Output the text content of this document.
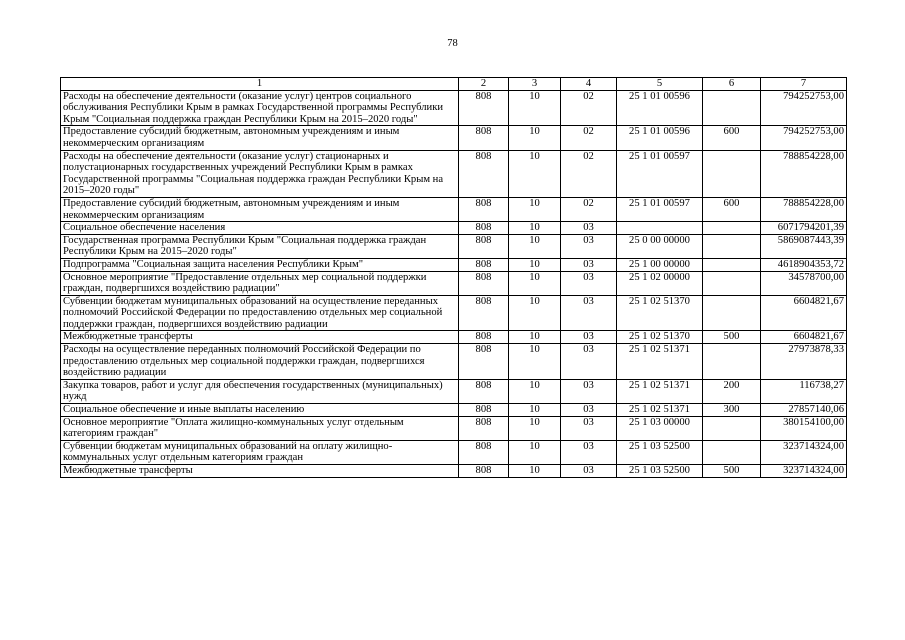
78
1	2	3	4	5	6	7
Расходы на обеспечение деятельности (оказание услуг) центров социального обслуживания Республики Крым в рамках Государственной программы Республики Крым "Социальная поддержка граждан Республики Крым на 2015–2020 годы"	808	10	02	25 1 01 00596		794252753,00
Предоставление субсидий бюджетным, автономным учреждениям и иным некоммерческим организациям	808	10	02	25 1 01 00596	600	794252753,00
Расходы на обеспечение деятельности (оказание услуг) стационарных и полустационарных государственных учреждений Республики Крым в рамках Государственной программы "Социальная поддержка граждан Республики Крым на 2015–2020 годы"	808	10	02	25 1 01 00597		788854228,00
Предоставление субсидий бюджетным, автономным учреждениям и иным некоммерческим организациям	808	10	02	25 1 01 00597	600	788854228,00
Социальное обеспечение населения	808	10	03			6071794201,39
Государственная программа Республики Крым "Социальная поддержка граждан Республики Крым на 2015–2020 годы"	808	10	03	25 0 00 00000		5869087443,39
Подпрограмма "Социальная защита населения Республики Крым"	808	10	03	25 1 00 00000		4618904353,72
Основное мероприятие "Предоставление отдельных мер социальной поддержки граждан, подвергшихся воздействию радиации"	808	10	03	25 1 02 00000		34578700,00
Субвенции бюджетам муниципальных образований на осуществление переданных полномочий Российской Федерации по предоставлению отдельных мер социальной поддержки граждан, подвергшихся воздействию радиации	808	10	03	25 1 02 51370		6604821,67
Межбюджетные трансферты	808	10	03	25 1 02 51370	500	6604821,67
Расходы на осуществление переданных полномочий Российской Федерации по предоставлению отдельных мер социальной поддержки граждан, подвергшихся воздействию радиации	808	10	03	25 1 02 51371		27973878,33
Закупка товаров, работ и услуг для обеспечения государственных (муниципальных) нужд	808	10	03	25 1 02 51371	200	116738,27
Социальное обеспечение и иные выплаты населению	808	10	03	25 1 02 51371	300	27857140,06
Основное мероприятие "Оплата жилищно-коммунальных услуг отдельным категориям граждан"	808	10	03	25 1 03 00000		380154100,00
Субвенции бюджетам муниципальных образований на оплату жилищно-коммунальных услуг отдельным категориям граждан	808	10	03	25 1 03 52500		323714324,00
Межбюджетные трансферты	808	10	03	25 1 03 52500	500	323714324,00
